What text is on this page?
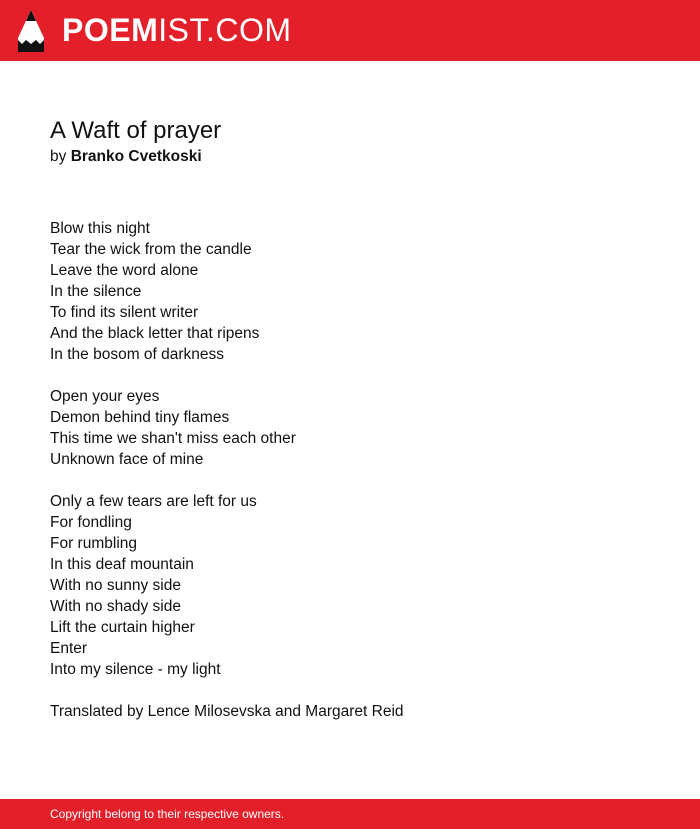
POEMIST.COM
A Waft of prayer

by Branko Cvetkoski

Blow this night
Tear the wick from the candle
Leave the word alone
In the silence
To find its silent writer
And the black letter that ripens
In the bosom of darkness

Open your eyes
Demon behind tiny flames
This time we shan't miss each other
Unknown face of mine

Only a few tears are left for us
For fondling
For rumbling
In this deaf mountain
With no sunny side
With no shady side
Lift the curtain higher
Enter
Into my silence - my light

Translated by Lence Milosevska and Margaret Reid

Copyright belong to their respective owners.
